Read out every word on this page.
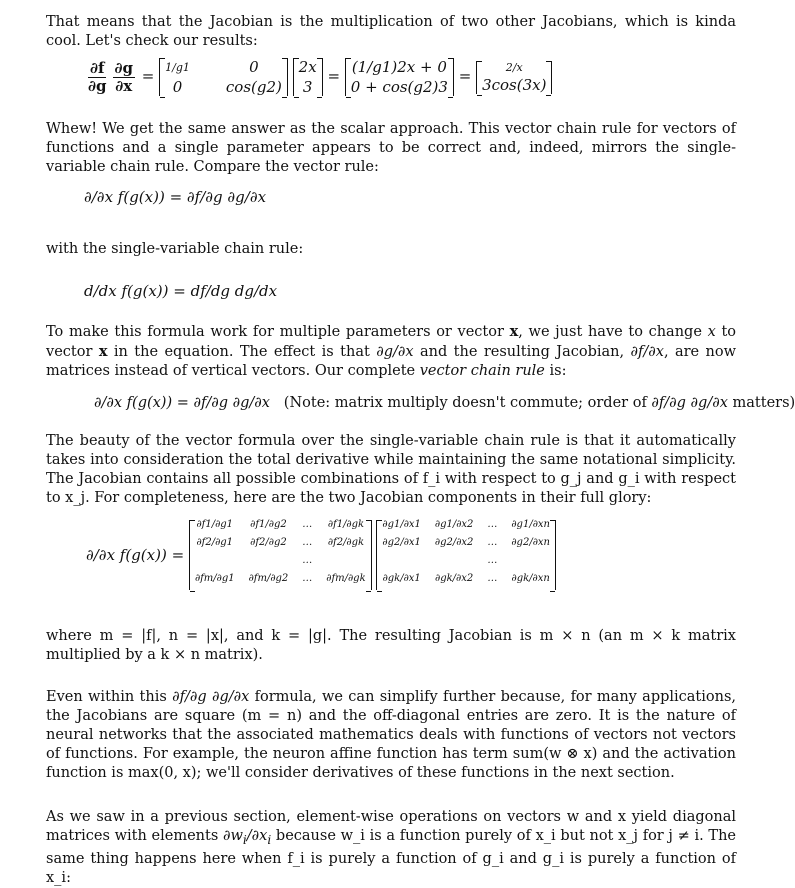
That means that the Jacobian is the multiplication of two other Jacobians, which is kinda cool. Let's check our results:

$\frac{\partial f}{\partial g} \frac{\partial g}{\partial x} = 1/g1$	0
0	cos(g2)

2x
3
= (1/g1)2x + 0
0 + cos(g2)3
=	2/x
3cos(3x)

Whew! We get the same answer as the scalar approach. This vector chain rule for vectors of functions and a single parameter appears to be correct and, indeed, mirrors the single-variable chain rule. Compare the vector rule:

∂/∂x f(g(x)) = ∂f/∂g ∂g/∂x

with the single-variable chain rule:

d/dx f(g(x)) = df/dg dg/dx

To make this formula work for multiple parameters or vector x, we just have to change x to vector x in the equation. The effect is that ∂g/∂x and the resulting Jacobian, ∂f/∂x, are now matrices instead of vertical vectors. Our complete vector chain rule is:

∂/∂x f(g(x)) = ∂f/∂g ∂g/∂x (Note: matrix multiply doesn't commute; order of ∂f/∂g ∂g/∂x matters)

The beauty of the vector formula over the single-variable chain rule is that it automatically takes into consideration the total derivative while maintaining the same notational simplicity. The Jacobian contains all possible combinations of f_i with respect to g_j and g_i with respect to x_j. For completeness, here are the two Jacobian components in their full glory:

∂/∂x f(g(x)) =
∂f1/∂g1 ∂f1/∂g2 … ∂f1/∂gk
∂f2/∂g1 ∂f2/∂g2 … ∂f2/∂gk
…
∂fm/∂g1 ∂fm/∂g2 … ∂fm/∂gk

∂g1/∂x1 ∂g1/∂x2 … ∂g1/∂xn
∂g2/∂x1 ∂g2/∂x2 … ∂g2/∂xn
…
∂gk/∂x1 ∂gk/∂x2 … ∂gk/∂xn

where m = |f|, n = |x|, and k = |g|. The resulting Jacobian is m × n (an m × k matrix multiplied by a k × n matrix).

Even within this ∂f/∂g ∂g/∂x formula, we can simplify further because, for many applications, the Jacobians are square (m = n) and the off-diagonal entries are zero. It is the nature of neural networks that the associated mathematics deals with functions of vectors not vectors of functions. For example, the neuron affine function has term sum(w ⊗ x) and the activation function is max(0, x); we'll consider derivatives of these functions in the next section.

As we saw in a previous section, element-wise operations on vectors w and x yield diagonal matrices with elements $\partial w_i/\partial x_i$ because w_i is a function purely of x_i but not x_j for j ≠ i. The same thing happens here when f_i is purely a function of g_i and g_i is purely a function of x_i:
